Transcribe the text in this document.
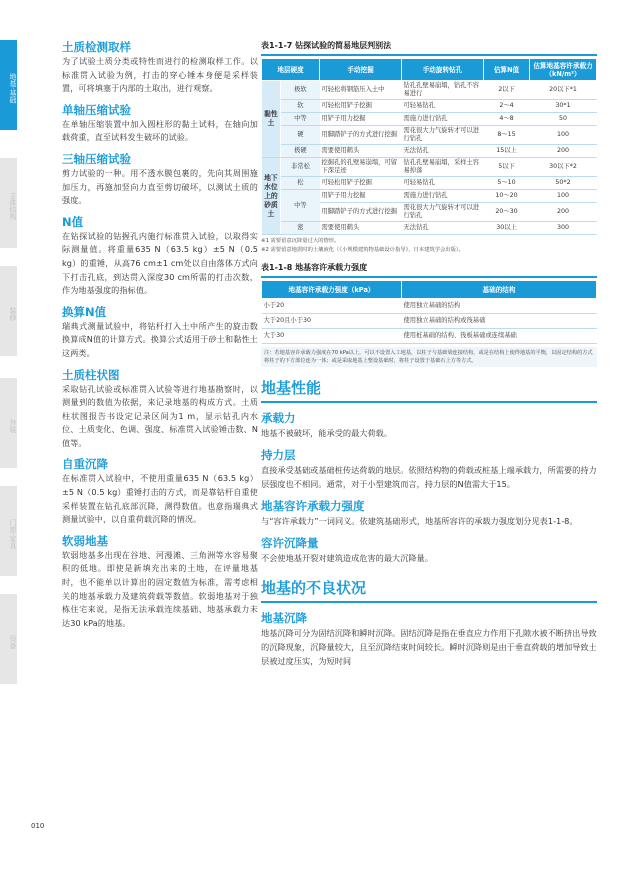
地基·基础
主体结构
装修
外装
门窗·家具
设备
010
土质检测取样
为了试验土质分类或特性而进行的检测取样工作。以标准贯入试验为例，打击的穿心锤本身便是采样装置，可将填塞于内部的土取出，进行观察。
单轴压缩试验
在单轴压缩装置中加入圆柱形的黏土试料，在轴向加载荷重，直至试料发生破坏的试验。
三轴压缩试验
剪力试验的一种。用不透水膜包裹的，先向其周围施加压力，再施加竖向力直至剪切破坏，以测试土质的强度。
N值
在钻探试验的钻握孔内施行标准贯入试验，以取得实际测量值。将重量635 N（63.5 kg）±5 N（0.5 kg）的重锤，从高76 cm±1 cm处以自由落体方式向下打击孔底，到达贯入深度30 cm所需的打击次数，作为地基强度的指标值。
换算N值
瑞典式测量试验中，将钻杆打入土中所产生的旋击数换算成N值的计算方式。换算公式适用于砂土和黏性土这两类。
土质柱状图
采取钻孔试验或标准贯入试验等进行地基勘察时，以测量到的数值为依据，来记录地基的构成方式。土质柱状图报告书设定记录区间为1 m，显示钻孔内水位、土质变化、色调、强度、标准贯入试验锤击数、N值等。
自重沉降
在标准贯入试验中，不使用重量635 N（63.5 kg）±5 N（0.5 kg）重锤打击的方式，而是靠钻杆自重使采样装置在钻孔底部沉降，测得数值。也意指瑞典式测量试验中，以自重荷载沉降的情况。
软弱地基
软弱地基多出现在谷地、河漫滩、三角洲等水容易聚积的低地。即使是新填充出来的土地，在评量地基时，也不能单以计算出的固定数值为标准，需考虑相关的地基承载力及建筑荷载等数值。软弱地基对于独栋住宅来说，是指无法承载连续基础、地基承载力未达30 kPa的地基。
表1-1-7 钻探试验的简易地层判别法
地层硬度		手动挖掘	手动旋转钻孔	估算N值	估算地基容许承载力（kN/m²）
黏性土	极软	可轻松将钢筋压入土中	钻孔孔壁易崩塌，钻孔不容易进行	2以下	20以下*1
	软	可轻松用铲子挖掘	可轻易钻孔	2～4	30*1
	中等	用铲子用力挖掘	需施力进行钻孔	4～8	50
	硬	用脚踏铲子的方式进行挖掘	需花很大力气旋转才可以进行钻孔	8～15	100
	极硬	需要使用鹤头	无法钻孔	15以上	200
地下水位上的砂质土	非常松	挖掘孔的孔壁易崩塌，可留下深足迹	钻孔孔壁易崩塌，采样土容易掉落	5以下	30以下*2
	松	可轻松用铲子挖掘	可轻易钻孔	5～10	50*2
	中等	用铲子用力挖掘	需施力进行钻孔	10～20	100
		用脚踏铲子的方式进行挖掘	需花很大力气旋转才可以进行钻孔	20～30	200
	密	需要使用鹤头	无法钻孔	30以上	300
※1 需要留意沉降量过大的情形。
※2 需要留意地震时的土壤液化（《小规模建筑物基础设计指导》，日本建筑学会出版）。
表1-1-8 地基容许承载力强度
地基容许承载力强度（kPa）	基础的结构
小于20	使用独立基础的结构
大于20且小于30	使用独立基础的结构或筏基础
大于30	使用桩基础的结构、筏板基础或连续基础
注：若地基容许承载力强度在70 kPa以上，可以不设置入工地基，以柱子与基础梁连接结构，或是在结构上使得地基的平衡，以固定结构的方式将柱子的下方部位连为一体；或是采取地基上整设基础时，将柱子设置于基础石上方等方式。
地基性能
承载力
地基不被破坏，能承受的最大荷载。
持力层
直接承受基础或基础桩传达荷载的地层。依照结构物的荷载或桩基上端承载力，所需要的持力层强度也不相同。通常，对于小型建筑而言，持力层的N值需大于15。
地基容许承载力强度
与“容许承载力”一词同义。依建筑基础形式，地基所容许的承载力强度划分见表1-1-8。
容许沉降量
不会使地基开裂对建筑造成危害的最大沉降量。
地基的不良状况
地基沉降
地基沉降可分为固结沉降和瞬时沉降。固结沉降是指在垂直应力作用下孔隙水被不断挤出导致的沉降现象，沉降量较大，且至沉降结束时间较长。瞬时沉降则是由于垂直荷载的增加导致土层被过度压实，为短时间
